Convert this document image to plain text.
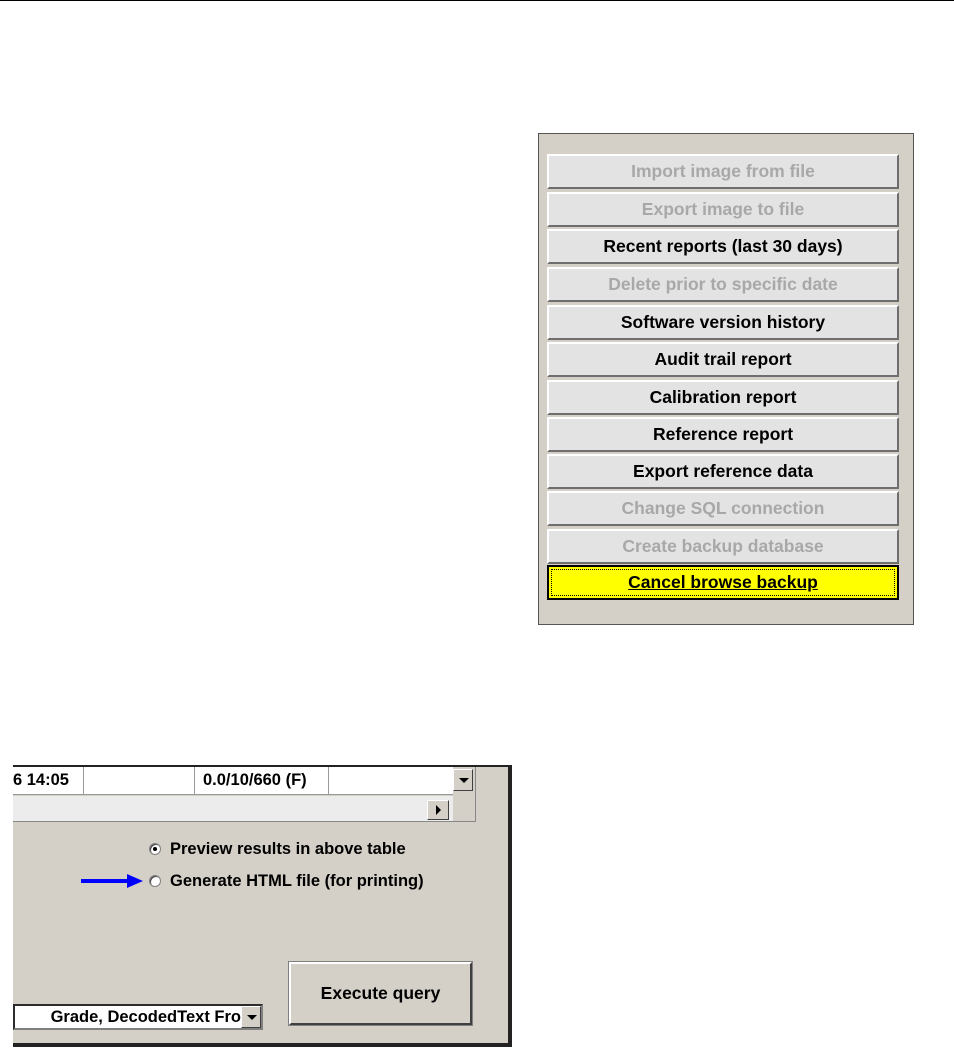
Import image from file
Export image to file
Recent reports (last 30 days)
Delete prior to specific date
Software version history
Audit trail report
Calibration report
Reference report
Export reference data
Change SQL connection
Create backup database
Cancel browse backup
6 14:05	0.0/10/660 (F)
Preview results in above table
Generate HTML file (for printing)
Grade, DecodedText Fro
Execute query
